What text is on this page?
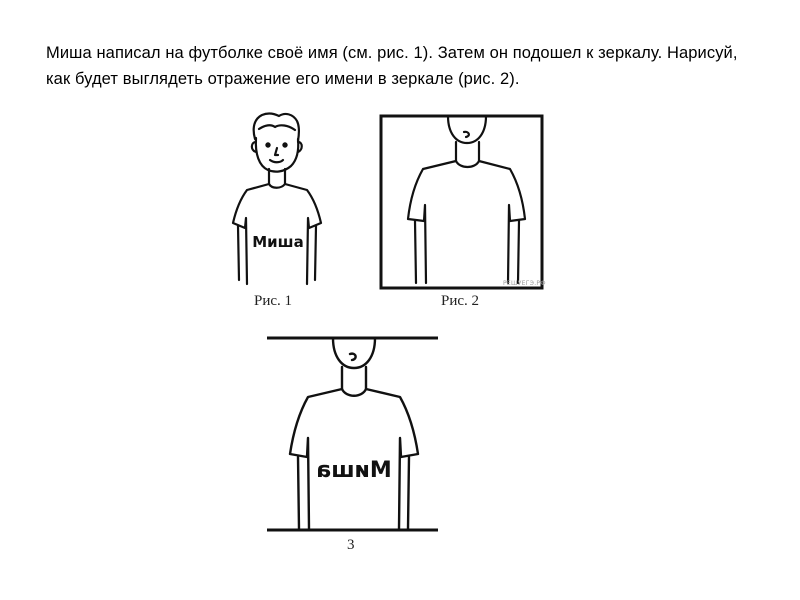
Миша написал на футболке своё имя (см. рис. 1). Затем он подошел к зеркалу. Нарисуй, как будет выглядеть отражение его имени в зеркале (рис. 2).
Миша
Рис. 1
РЕШУЕГЭ.РФ
Рис. 2
Миша
3
